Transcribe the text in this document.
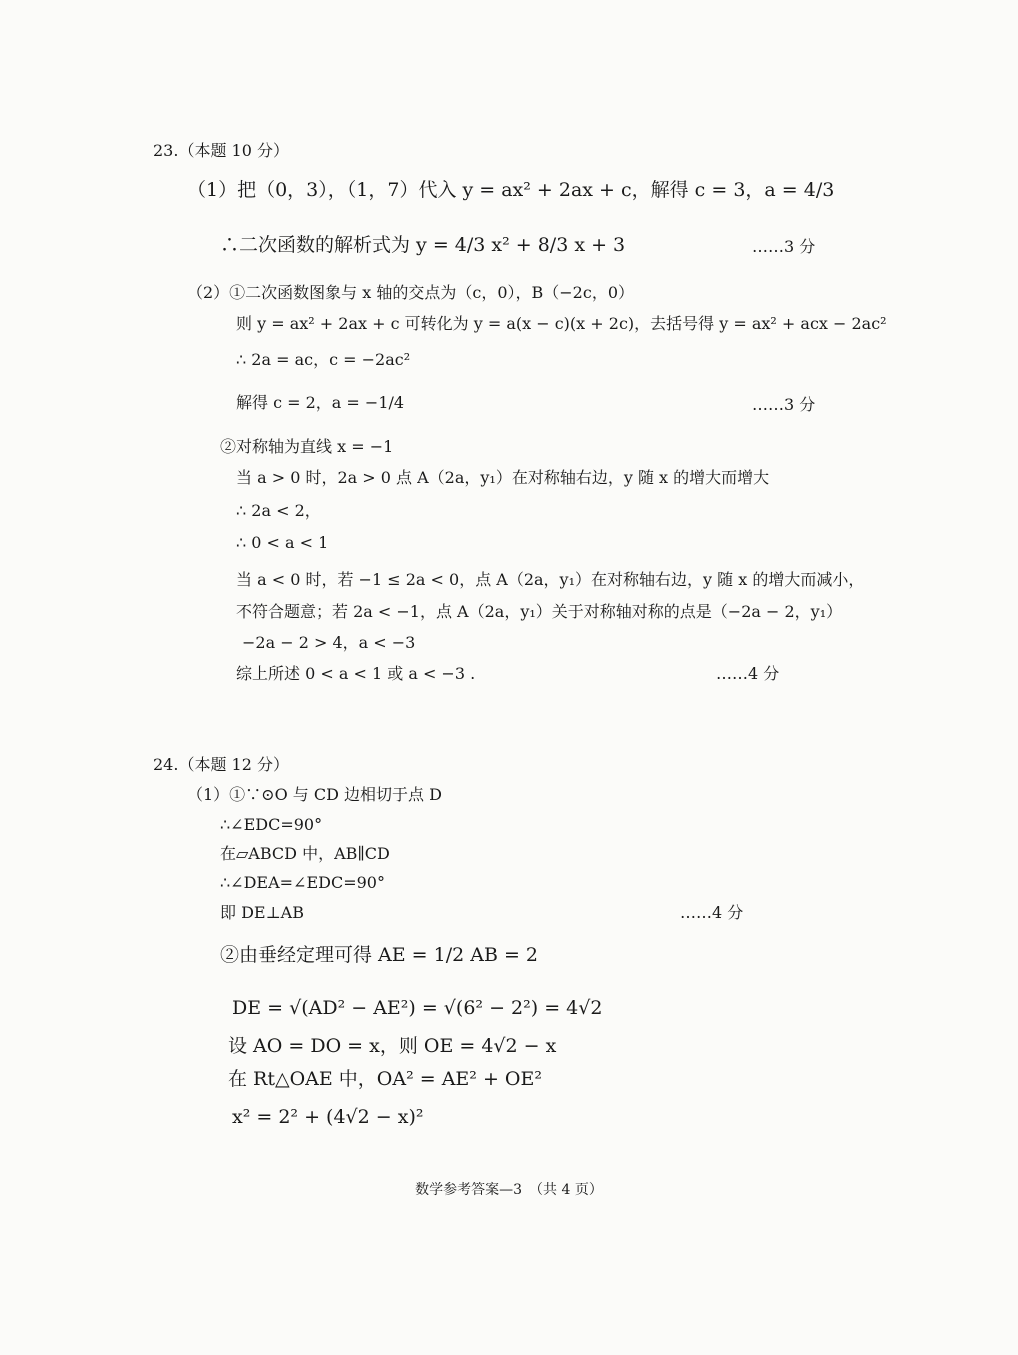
23.（本题 10 分）
（1）把（0，3），（1，7）代入 y = ax² + 2ax + c，解得 c = 3，a = 4/3
∴二次函数的解析式为 y = 4/3 x² + 8/3 x + 3	……3 分
（2）①二次函数图象与 x 轴的交点为（c，0），B（−2c，0）
则 y = ax² + 2ax + c 可转化为 y = a(x − c)(x + 2c)，去括号得 y = ax² + acx − 2ac²
∴ 2a = ac，c = −2ac²
解得 c = 2，a = −1/4	……3 分
②对称轴为直线 x = −1
当 a > 0 时，2a > 0 点 A（2a，y₁）在对称轴右边，y 随 x 的增大而增大
∴ 2a < 2，
∴ 0 < a < 1
当 a < 0 时，若 −1 ≤ 2a < 0，点 A（2a，y₁）在对称轴右边，y 随 x 的增大而减小，
不符合题意；若 2a < −1，点 A（2a，y₁）关于对称轴对称的点是（−2a − 2，y₁）
−2a − 2 > 4，a < −3
综上所述 0 < a < 1 或 a < −3 .	……4 分
24.（本题 12 分）
（1）①∵⊙O 与 CD 边相切于点 D
∴∠EDC=90°
在▱ABCD 中，AB∥CD
∴∠DEA=∠EDC=90°
即 DE⊥AB	……4 分
②由垂经定理可得 AE = 1/2 AB = 2
DE = √(AD² − AE²) = √(6² − 2²) = 4√2
设 AO = DO = x，则 OE = 4√2 − x
在 Rt△OAE 中，OA² = AE² + OE²
x² = 2² + (4√2 − x)²
数学参考答案—3　（共 4 页）
